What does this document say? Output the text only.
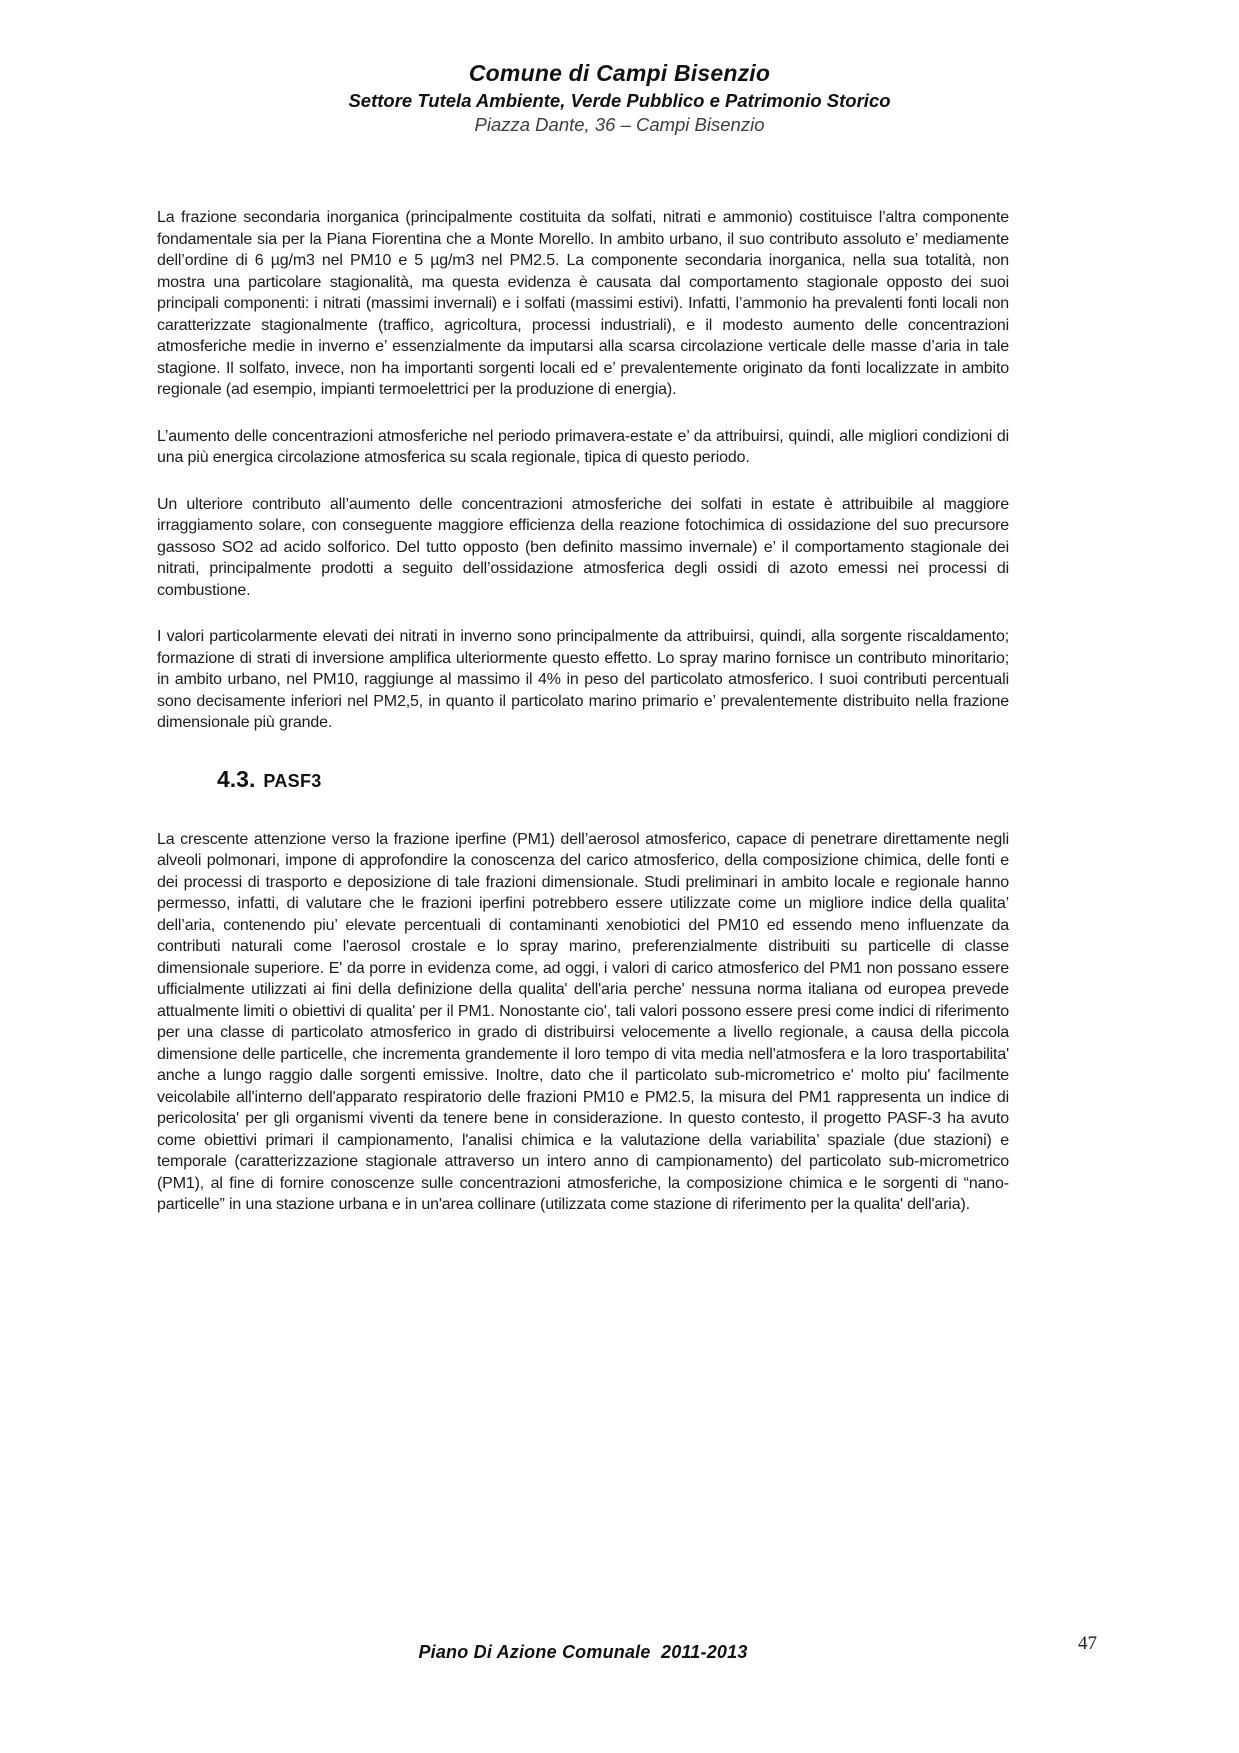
Comune di Campi Bisenzio
Settore Tutela Ambiente, Verde Pubblico e Patrimonio Storico
Piazza Dante, 36 – Campi Bisenzio

La frazione secondaria inorganica (principalmente costituita da solfati, nitrati e ammonio) costituisce l’altra componente fondamentale sia per la Piana Fiorentina che a Monte Morello. In ambito urbano, il suo contributo assoluto e’ mediamente dell’ordine di 6 µg/m3 nel PM10 e 5 µg/m3 nel PM2.5. La componente secondaria inorganica, nella sua totalità, non mostra una particolare stagionalità, ma questa evidenza è causata dal comportamento stagionale opposto dei suoi principali componenti: i nitrati (massimi invernali) e i solfati (massimi estivi). Infatti, l’ammonio ha prevalenti fonti locali non caratterizzate stagionalmente (traffico, agricoltura, processi industriali), e il modesto aumento delle concentrazioni atmosferiche medie in inverno e’ essenzialmente da imputarsi alla scarsa circolazione verticale delle masse d’aria in tale stagione. Il solfato, invece, non ha importanti sorgenti locali ed e’ prevalentemente originato da fonti localizzate in ambito regionale (ad esempio, impianti termoelettrici per la produzione di energia).

L’aumento delle concentrazioni atmosferiche nel periodo primavera-estate e’ da attribuirsi, quindi, alle migliori condizioni di una più energica circolazione atmosferica su scala regionale, tipica di questo periodo.

Un ulteriore contributo all’aumento delle concentrazioni atmosferiche dei solfati in estate è attribuibile al maggiore irraggiamento solare, con conseguente maggiore efficienza della reazione fotochimica di ossidazione del suo precursore gassoso SO2 ad acido solforico. Del tutto opposto (ben definito massimo invernale) e’ il comportamento stagionale dei nitrati, principalmente prodotti a seguito dell’ossidazione atmosferica degli ossidi di azoto emessi nei processi di combustione.

I valori particolarmente elevati dei nitrati in inverno sono principalmente da attribuirsi, quindi, alla sorgente riscaldamento; formazione di strati di inversione amplifica ulteriormente questo effetto. Lo spray marino fornisce un contributo minoritario; in ambito urbano, nel PM10, raggiunge al massimo il 4% in peso del particolato atmosferico. I suoi contributi percentuali sono decisamente inferiori nel PM2,5, in quanto il particolato marino primario e’ prevalentemente distribuito nella frazione dimensionale più grande.

4.3. PASF3

La crescente attenzione verso la frazione iperfine (PM1) dell’aerosol atmosferico, capace di penetrare direttamente negli alveoli polmonari, impone di approfondire la conoscenza del carico atmosferico, della composizione chimica, delle fonti e dei processi di trasporto e deposizione di tale frazioni dimensionale. Studi preliminari in ambito locale e regionale hanno permesso, infatti, di valutare che le frazioni iperfini potrebbero essere utilizzate come un migliore indice della qualita’ dell’aria, contenendo piu’ elevate percentuali di contaminanti xenobiotici del PM10 ed essendo meno influenzate da contributi naturali come l'aerosol crostale e lo spray marino, preferenzialmente distribuiti su particelle di classe dimensionale superiore. E' da porre in evidenza come, ad oggi, i valori di carico atmosferico del PM1 non possano essere ufficialmente utilizzati ai fini della definizione della qualita' dell'aria perche' nessuna norma italiana od europea prevede attualmente limiti o obiettivi di qualita' per il PM1. Nonostante cio', tali valori possono essere presi come indici di riferimento per una classe di particolato atmosferico in grado di distribuirsi velocemente a livello regionale, a causa della piccola dimensione delle particelle, che incrementa grandemente il loro tempo di vita media nell'atmosfera e la loro trasportabilita' anche a lungo raggio dalle sorgenti emissive. Inoltre, dato che il particolato sub-micrometrico e' molto piu' facilmente veicolabile all'interno dell'apparato respiratorio delle frazioni PM10 e PM2.5, la misura del PM1 rappresenta un indice di pericolosita' per gli organismi viventi da tenere bene in considerazione. In questo contesto, il progetto PASF-3 ha avuto come obiettivi primari il campionamento, l'analisi chimica e la valutazione della variabilita’ spaziale (due stazioni) e temporale (caratterizzazione stagionale attraverso un intero anno di campionamento) del particolato sub-micrometrico (PM1), al fine di fornire conoscenze sulle concentrazioni atmosferiche, la composizione chimica e le sorgenti di “nano-particelle” in una stazione urbana e in un'area collinare (utilizzata come stazione di riferimento per la qualita' dell'aria).

Piano Di Azione Comunale  2011-2013	47
